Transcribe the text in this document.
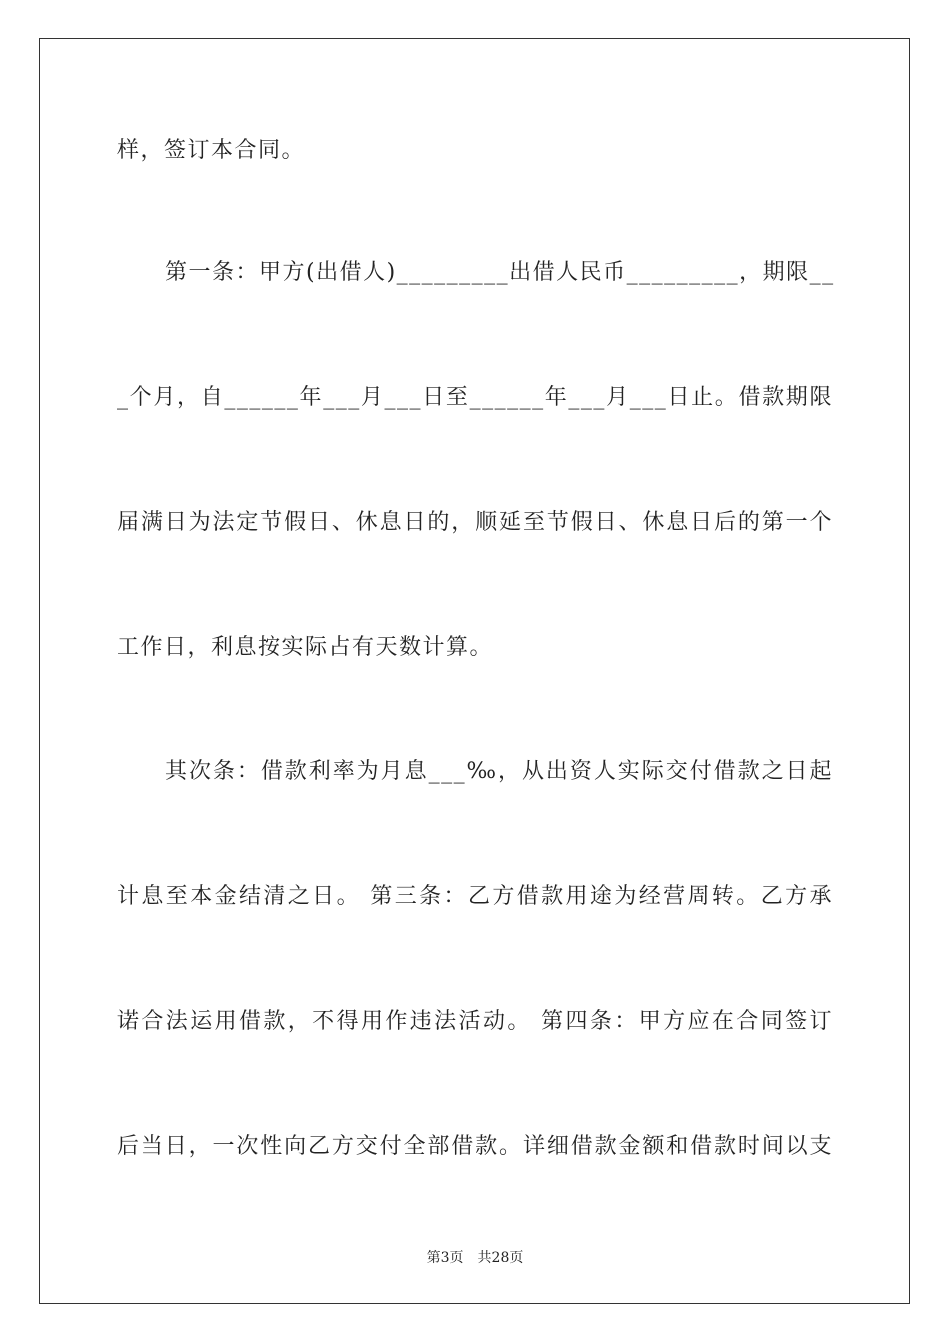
样，签订本合同。
第一条：甲方(出借人)_________出借人民币_________，期限__
_个月，自______年___月___日至______年___月___日止。借款期限
届满日为法定节假日、休息日的，顺延至节假日、休息日后的第一个
工作日，利息按实际占有天数计算。
其次条：借款利率为月息___‰，从出资人实际交付借款之日起
计息至本金结清之日。 第三条：乙方借款用途为经营周转。乙方承
诺合法运用借款，不得用作违法活动。 第四条：甲方应在合同签订
后当日，一次性向乙方交付全部借款。详细借款金额和借款时间以支
第3页 共28页
